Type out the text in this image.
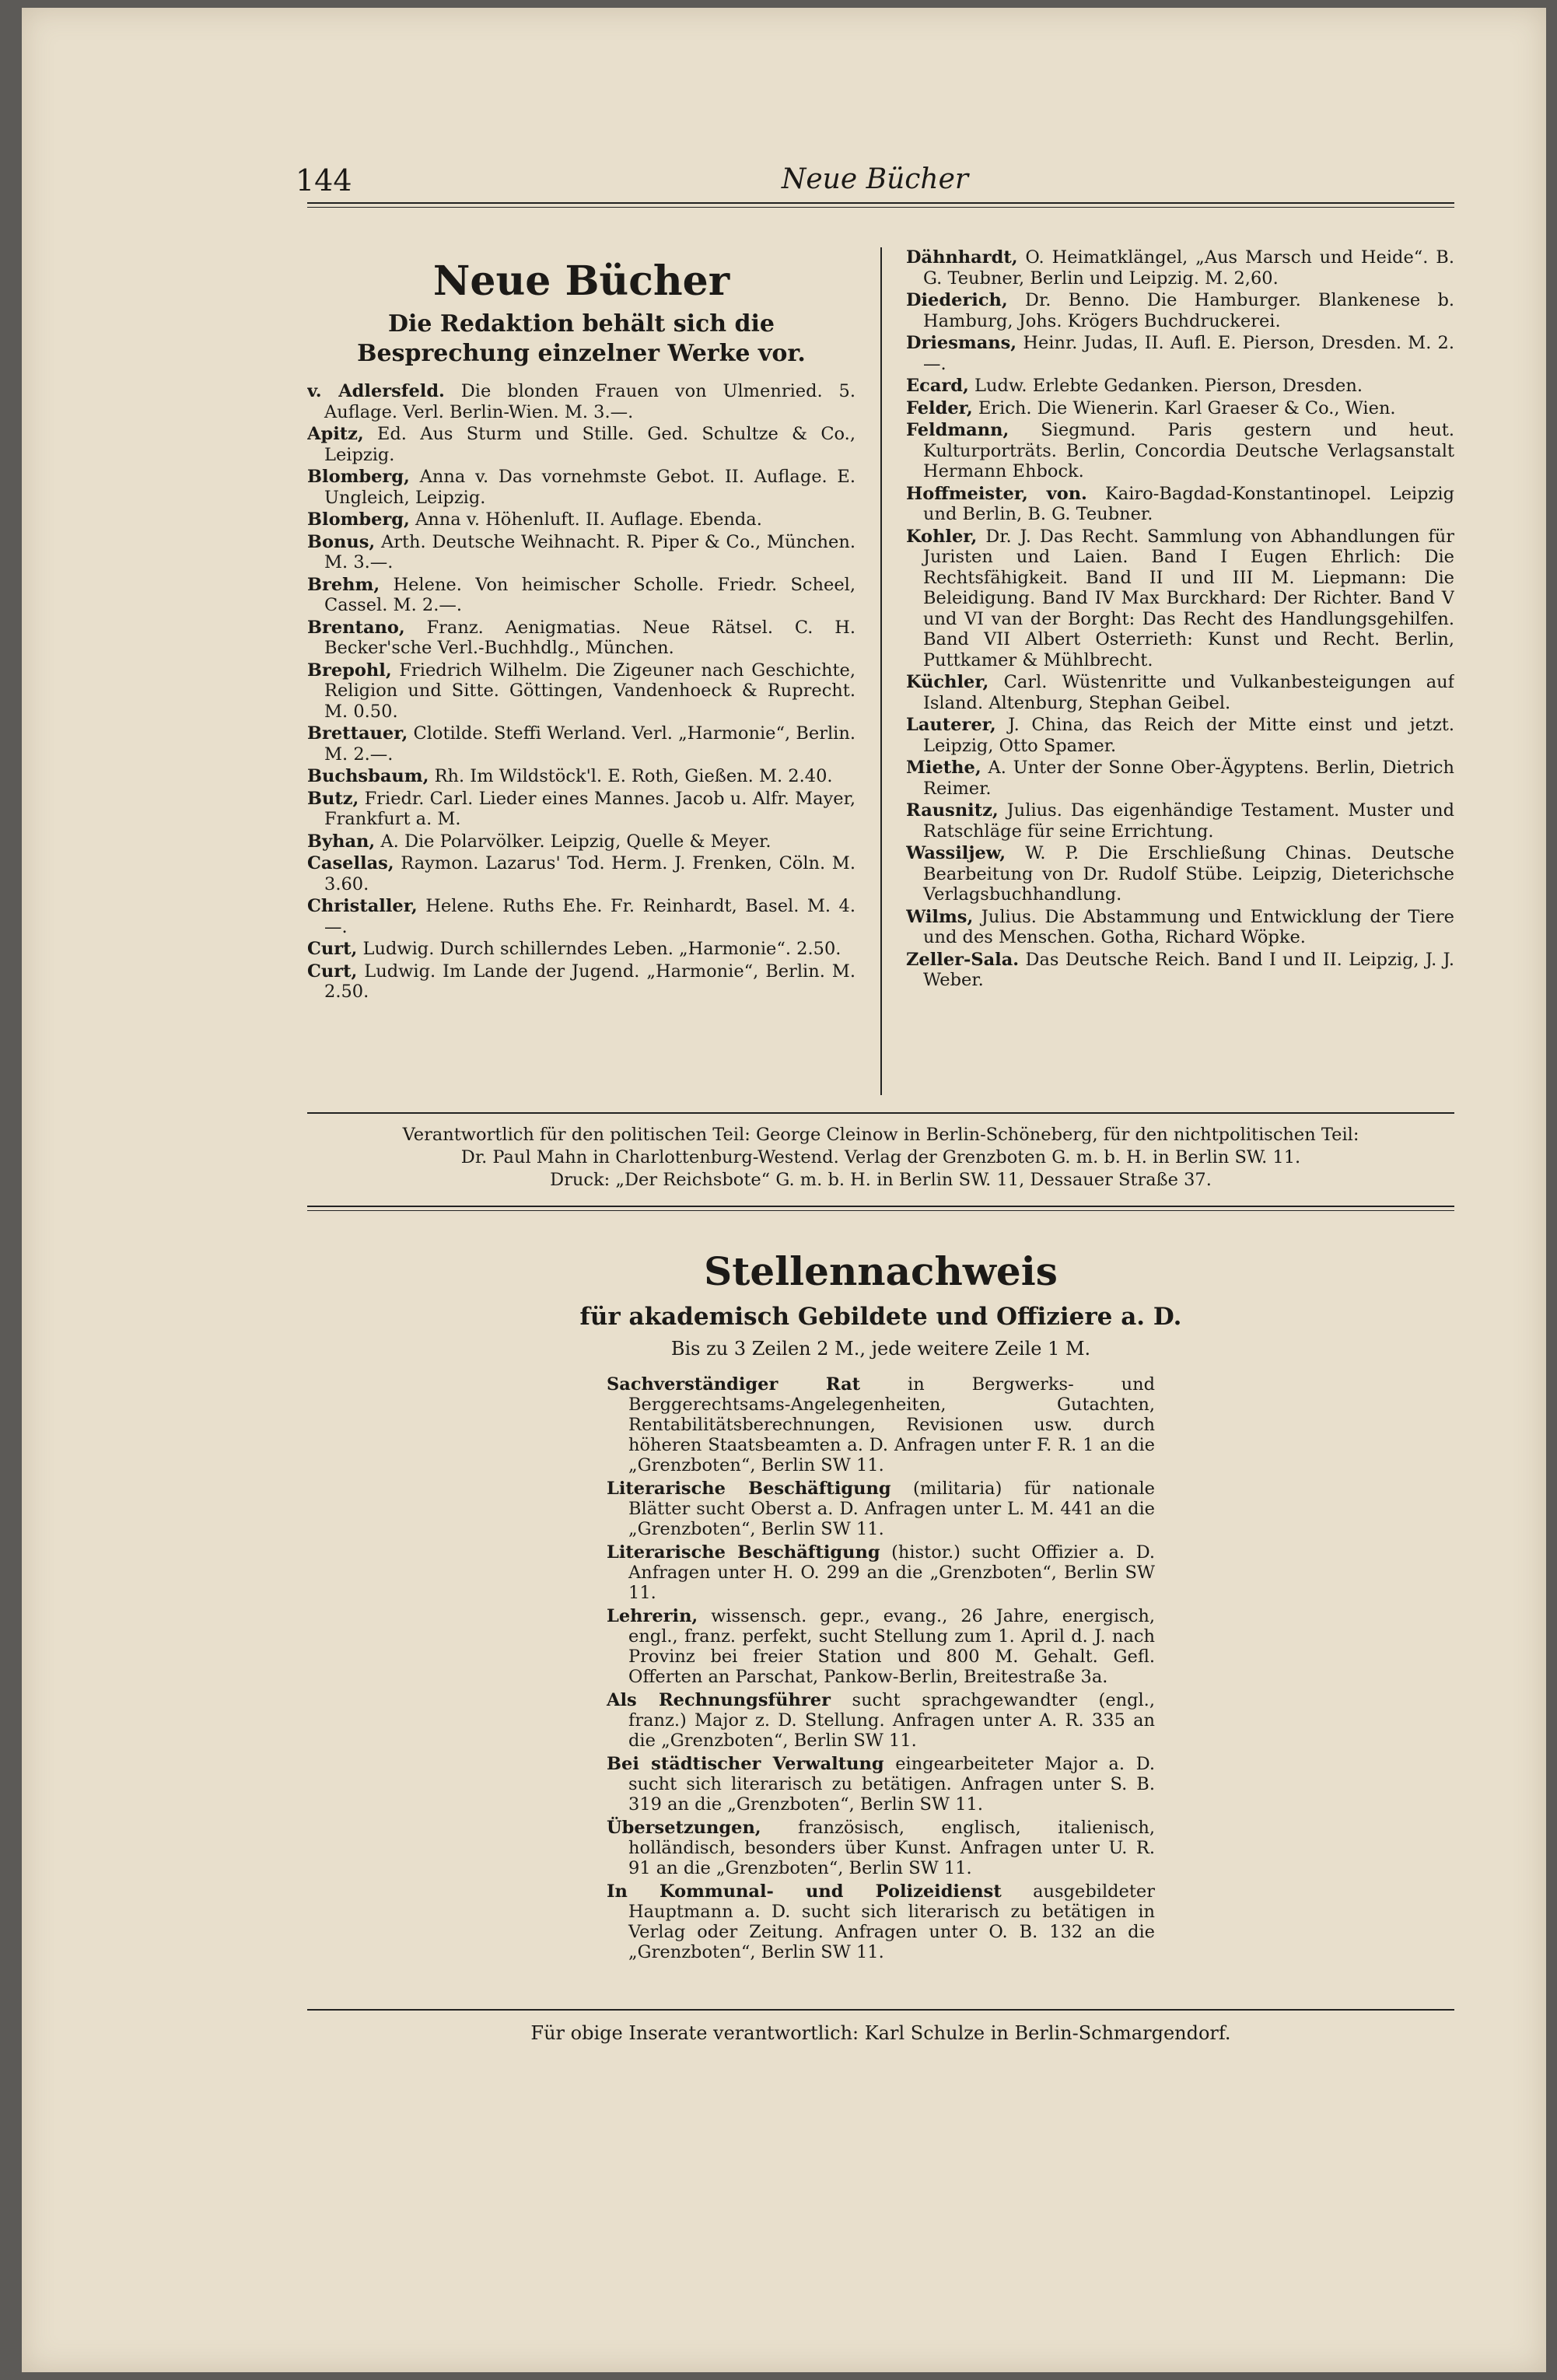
144	Neue Bücher
Neue Bücher
Die Redaktion behält sich die Besprechung einzelner Werke vor.

v. Adlersfeld. Die blonden Frauen von Ulmenried. 5. Auflage. Verl. Berlin-Wien. M. 3.—.

Apitz, Ed. Aus Sturm und Stille. Ged. Schultze & Co., Leipzig.

Blomberg, Anna v. Das vornehmste Gebot. II. Auflage. E. Ungleich, Leipzig.

Blomberg, Anna v. Höhenluft. II. Auflage. Ebenda.

Bonus, Arth. Deutsche Weihnacht. R. Piper & Co., München. M. 3.—.

Brehm, Helene. Von heimischer Scholle. Friedr. Scheel, Cassel. M. 2.—.

Brentano, Franz. Aenigmatias. Neue Rätsel. C. H. Becker'sche Verl.-Buchhdlg., München.

Brepohl, Friedrich Wilhelm. Die Zigeuner nach Geschichte, Religion und Sitte. Göttingen, Vandenhoeck & Ruprecht. M. 0.50.

Brettauer, Clotilde. Steffi Werland. Verl. „Harmonie“, Berlin. M. 2.—.

Buchsbaum, Rh. Im Wildstöck'l. E. Roth, Gießen. M. 2.40.

Butz, Friedr. Carl. Lieder eines Mannes. Jacob u. Alfr. Mayer, Frankfurt a. M.

Byhan, A. Die Polarvölker. Leipzig, Quelle & Meyer.

Casellas, Raymon. Lazarus' Tod. Herm. J. Frenken, Cöln. M. 3.60.

Christaller, Helene. Ruths Ehe. Fr. Reinhardt, Basel. M. 4.—.

Curt, Ludwig. Durch schillerndes Leben. „Harmonie“. 2.50.

Curt, Ludwig. Im Lande der Jugend. „Harmonie“, Berlin. M. 2.50.

Dähnhardt, O. Heimatklängel, „Aus Marsch und Heide“. B. G. Teubner, Berlin und Leipzig. M. 2,60.

Diederich, Dr. Benno. Die Hamburger. Blankenese b. Hamburg, Johs. Krögers Buchdruckerei.

Driesmans, Heinr. Judas, II. Aufl. E. Pierson, Dresden. M. 2.—.

Ecard, Ludw. Erlebte Gedanken. Pierson, Dresden.

Felder, Erich. Die Wienerin. Karl Graeser & Co., Wien.

Feldmann, Siegmund. Paris gestern und heut. Kulturporträts. Berlin, Concordia Deutsche Verlagsanstalt Hermann Ehbock.

Hoffmeister, von. Kairo-Bagdad-Konstantinopel. Leipzig und Berlin, B. G. Teubner.

Kohler, Dr. J. Das Recht. Sammlung von Abhandlungen für Juristen und Laien. Band I Eugen Ehrlich: Die Rechtsfähigkeit. Band II und III M. Liepmann: Die Beleidigung. Band IV Max Burckhard: Der Richter. Band V und VI van der Borght: Das Recht des Handlungsgehilfen. Band VII Albert Osterrieth: Kunst und Recht. Berlin, Puttkamer & Mühlbrecht.

Küchler, Carl. Wüstenritte und Vulkanbesteigungen auf Island. Altenburg, Stephan Geibel.

Lauterer, J. China, das Reich der Mitte einst und jetzt. Leipzig, Otto Spamer.

Miethe, A. Unter der Sonne Ober-Ägyptens. Berlin, Dietrich Reimer.

Rausnitz, Julius. Das eigenhändige Testament. Muster und Ratschläge für seine Errichtung.

Wassiljew, W. P. Die Erschließung Chinas. Deutsche Bearbeitung von Dr. Rudolf Stübe. Leipzig, Dieterichsche Verlagsbuchhandlung.

Wilms, Julius. Die Abstammung und Entwicklung der Tiere und des Menschen. Gotha, Richard Wöpke.

Zeller-Sala. Das Deutsche Reich. Band I und II. Leipzig, J. J. Weber.

Verantwortlich für den politischen Teil: George Cleinow in Berlin-Schöneberg, für den nichtpolitischen Teil:
Dr. Paul Mahn in Charlottenburg-Westend. Verlag der Grenzboten G. m. b. H. in Berlin SW. 11.
Druck: „Der Reichsbote“ G. m. b. H. in Berlin SW. 11, Dessauer Straße 37.
Stellennachweis
für akademisch Gebildete und Offiziere a. D.
Bis zu 3 Zeilen 2 M., jede weitere Zeile 1 M.

Sachverständiger Rat in Bergwerks- und Berggerechtsams-Angelegenheiten, Gutachten, Rentabilitätsberechnungen, Revisionen usw. durch höheren Staatsbeamten a. D. Anfragen unter F. R. 1 an die „Grenzboten“, Berlin SW 11.

Literarische Beschäftigung (militaria) für nationale Blätter sucht Oberst a. D. Anfragen unter L. M. 441 an die „Grenzboten“, Berlin SW 11.

Literarische Beschäftigung (histor.) sucht Offizier a. D. Anfragen unter H. O. 299 an die „Grenzboten“, Berlin SW 11.

Lehrerin, wissensch. gepr., evang., 26 Jahre, energisch, engl., franz. perfekt, sucht Stellung zum 1. April d. J. nach Provinz bei freier Station und 800 M. Gehalt. Gefl. Offerten an Parschat, Pankow-Berlin, Breitestraße 3a.

Als Rechnungsführer sucht sprachgewandter (engl., franz.) Major z. D. Stellung. Anfragen unter A. R. 335 an die „Grenzboten“, Berlin SW 11.

Bei städtischer Verwaltung eingearbeiteter Major a. D. sucht sich literarisch zu betätigen. Anfragen unter S. B. 319 an die „Grenzboten“, Berlin SW 11.

Übersetzungen, französisch, englisch, italienisch, holländisch, besonders über Kunst. Anfragen unter U. R. 91 an die „Grenzboten“, Berlin SW 11.

In Kommunal- und Polizeidienst ausgebildeter Hauptmann a. D. sucht sich literarisch zu betätigen in Verlag oder Zeitung. Anfragen unter O. B. 132 an die „Grenzboten“, Berlin SW 11.

Für obige Inserate verantwortlich: Karl Schulze in Berlin-Schmargendorf.
